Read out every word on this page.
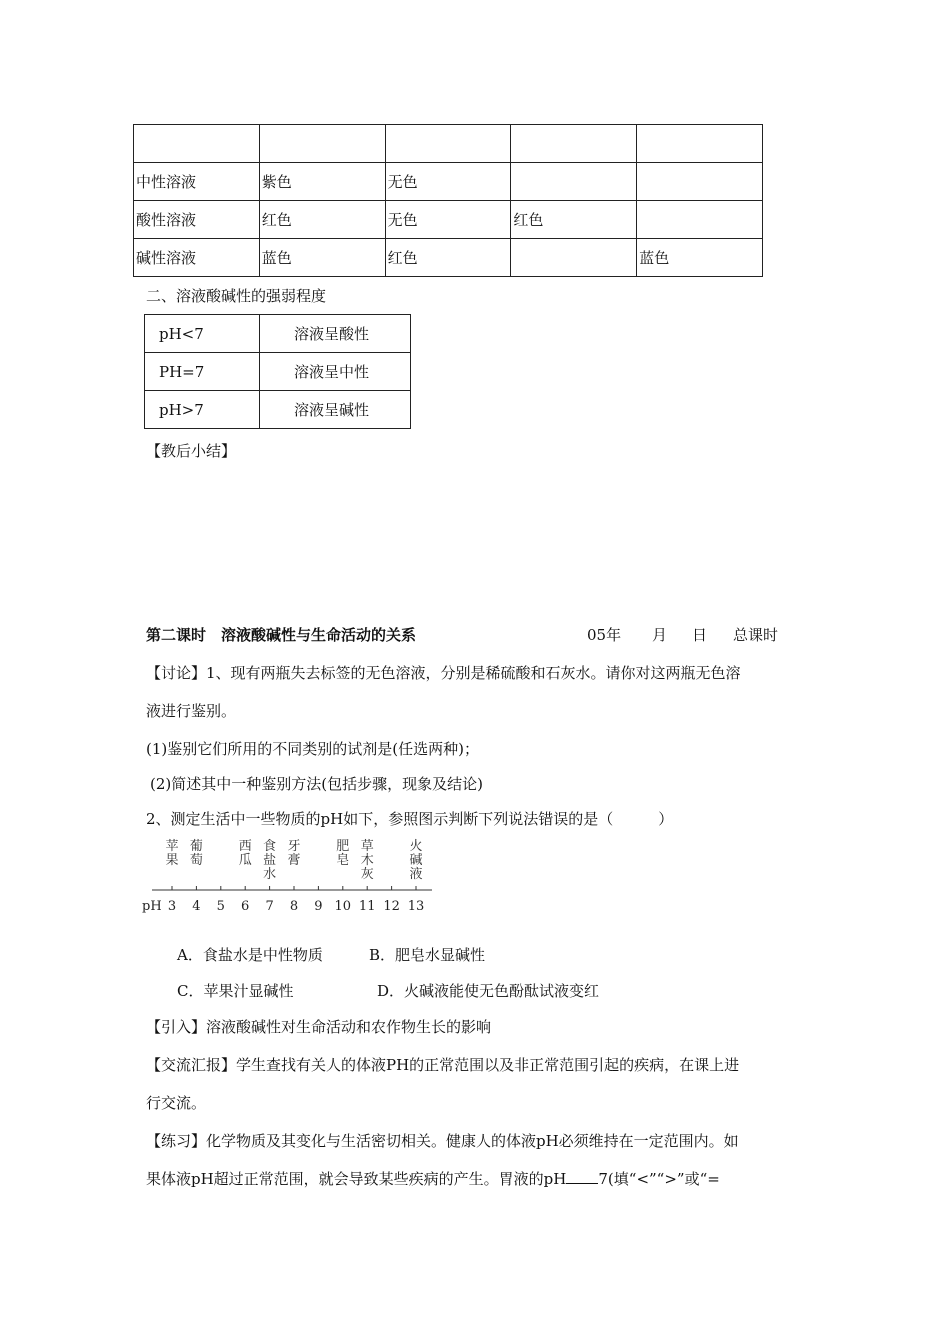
中性溶液	紫色	无色		
酸性溶液	红色	无色	红色	
碱性溶液	蓝色	红色		蓝色
二、溶液酸碱性的强弱程度
pH<7	溶液呈酸性
PH=7	溶液呈中性
pH>7	溶液呈碱性
【教后小结】
第二课时　溶液酸碱性与生命活动的关系	05年 月 日 总课时
【讨论】1、现有两瓶失去标签的无色溶液，分别是稀硫酸和石灰水。请你对这两瓶无色溶
液进行鉴别。
(1)鉴别它们所用的不同类别的试剂是(任选两种)；
(2)简述其中一种鉴别方法(包括步骤，现象及结论)
2、测定生活中一些物质的pH如下，参照图示判断下列说法错误的是（　　　）
pH 3 4 5 6 7 8 9 10 11 12 13
苹果
葡萄
西瓜
食盐水
牙膏
肥皂
草木灰
火碱液
A．食盐水是中性物质	B．肥皂水显碱性
C．苹果汁显碱性	D．火碱液能使无色酚酞试液变红
【引入】溶液酸碱性对生命活动和农作物生长的影响
【交流汇报】学生查找有关人的体液PH的正常范围以及非正常范围引起的疾病，在课上进
行交流。
【练习】化学物质及其变化与生活密切相关。健康人的体液pH必须维持在一定范围内。如
果体液pH超过正常范围，就会导致某些疾病的产生。胃液的pH 7(填“<”“>”或“=
